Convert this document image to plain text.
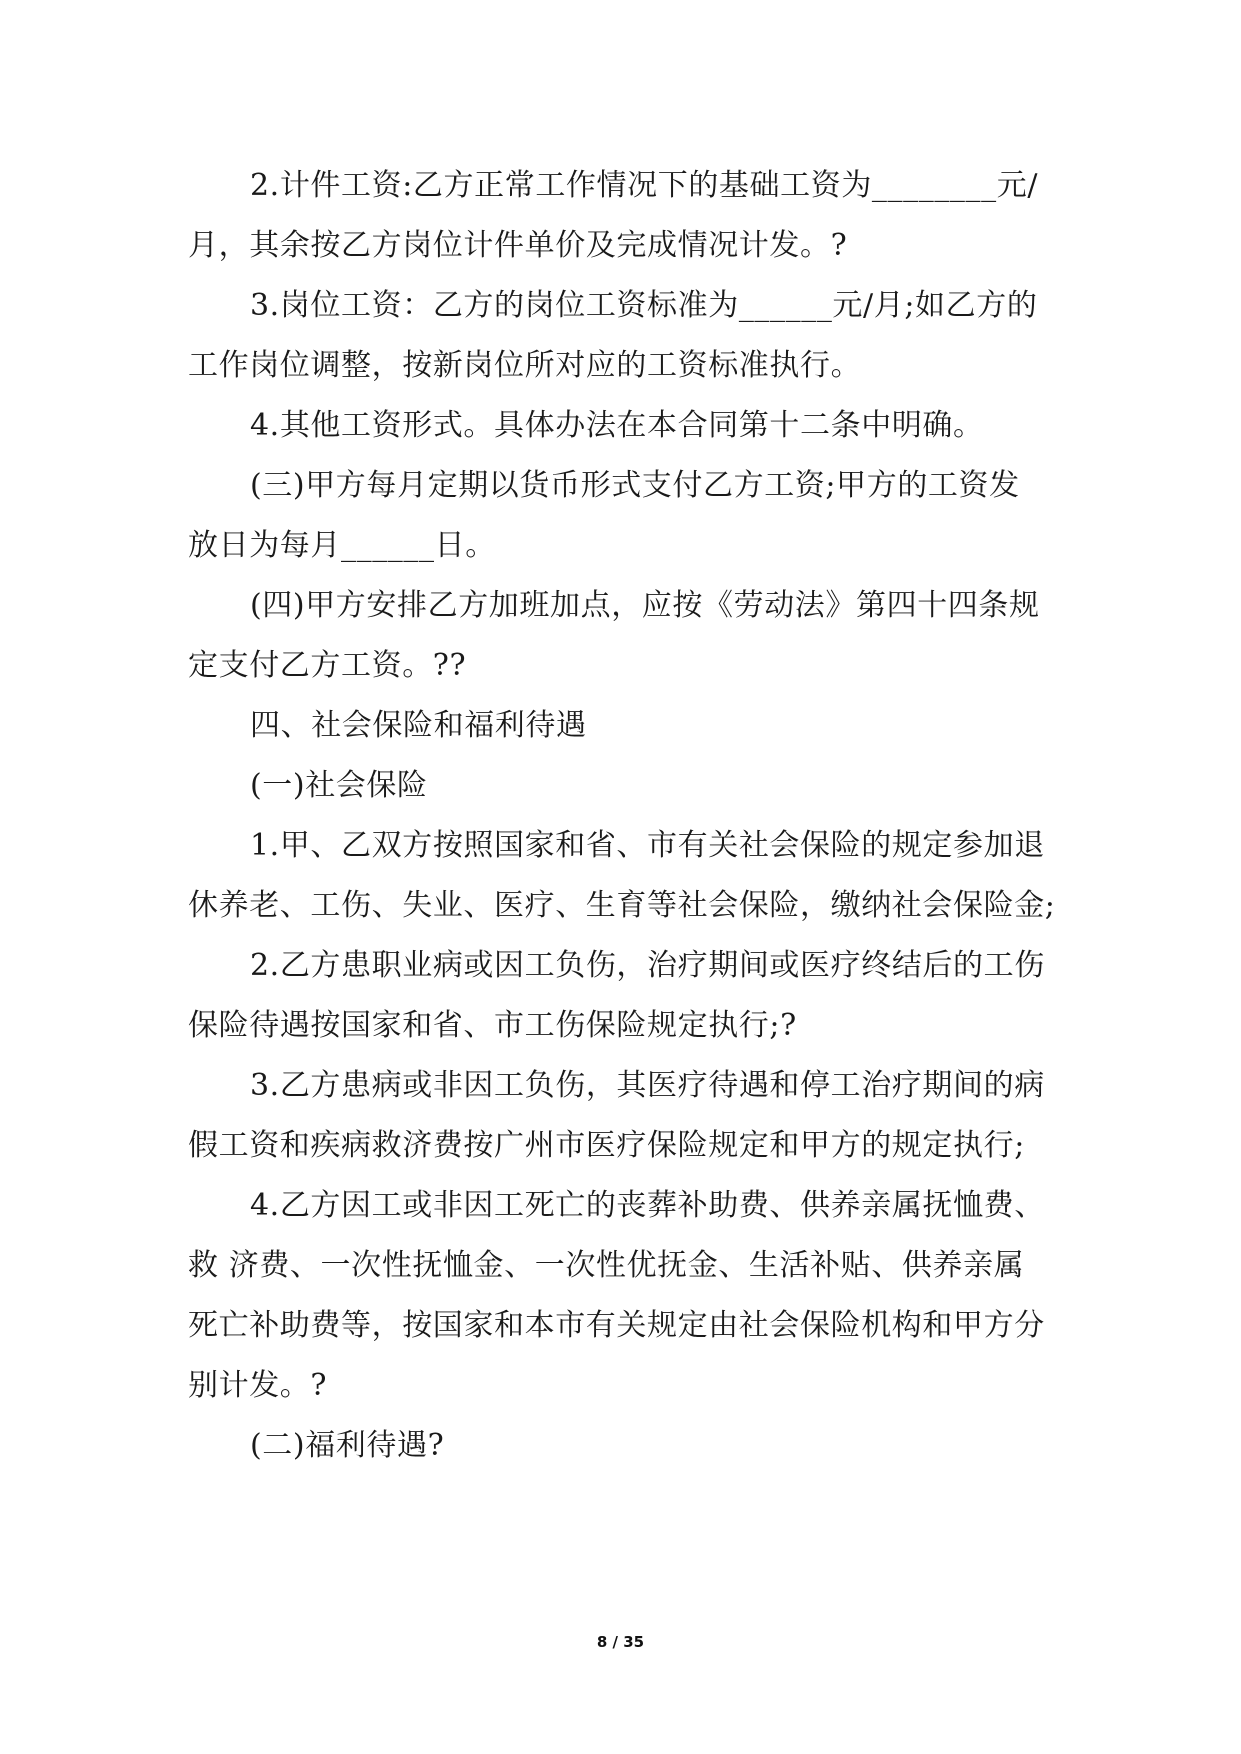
2.计件工资:乙方正常工作情况下的基础工资为________元/
月，其余按乙方岗位计件单价及完成情况计发。?
3.岗位工资：乙方的岗位工资标准为______元/月;如乙方的
工作岗位调整，按新岗位所对应的工资标准执行。
4.其他工资形式。具体办法在本合同第十二条中明确。
(三)甲方每月定期以货币形式支付乙方工资;甲方的工资发
放日为每月______日。
(四)甲方安排乙方加班加点，应按《劳动法》第四十四条规
定支付乙方工资。??
四、社会保险和福利待遇
(一)社会保险
1.甲、乙双方按照国家和省、市有关社会保险的规定参加退
休养老、工伤、失业、医疗、生育等社会保险，缴纳社会保险金;
2.乙方患职业病或因工负伤，治疗期间或医疗终结后的工伤
保险待遇按国家和省、市工伤保险规定执行;?
3.乙方患病或非因工负伤，其医疗待遇和停工治疗期间的病
假工资和疾病救济费按广州市医疗保险规定和甲方的规定执行;
4.乙方因工或非因工死亡的丧葬补助费、供养亲属抚恤费、
救 济费、一次性抚恤金、一次性优抚金、生活补贴、供养亲属
死亡补助费等，按国家和本市有关规定由社会保险机构和甲方分
别计发。?
(二)福利待遇?
8 / 35
